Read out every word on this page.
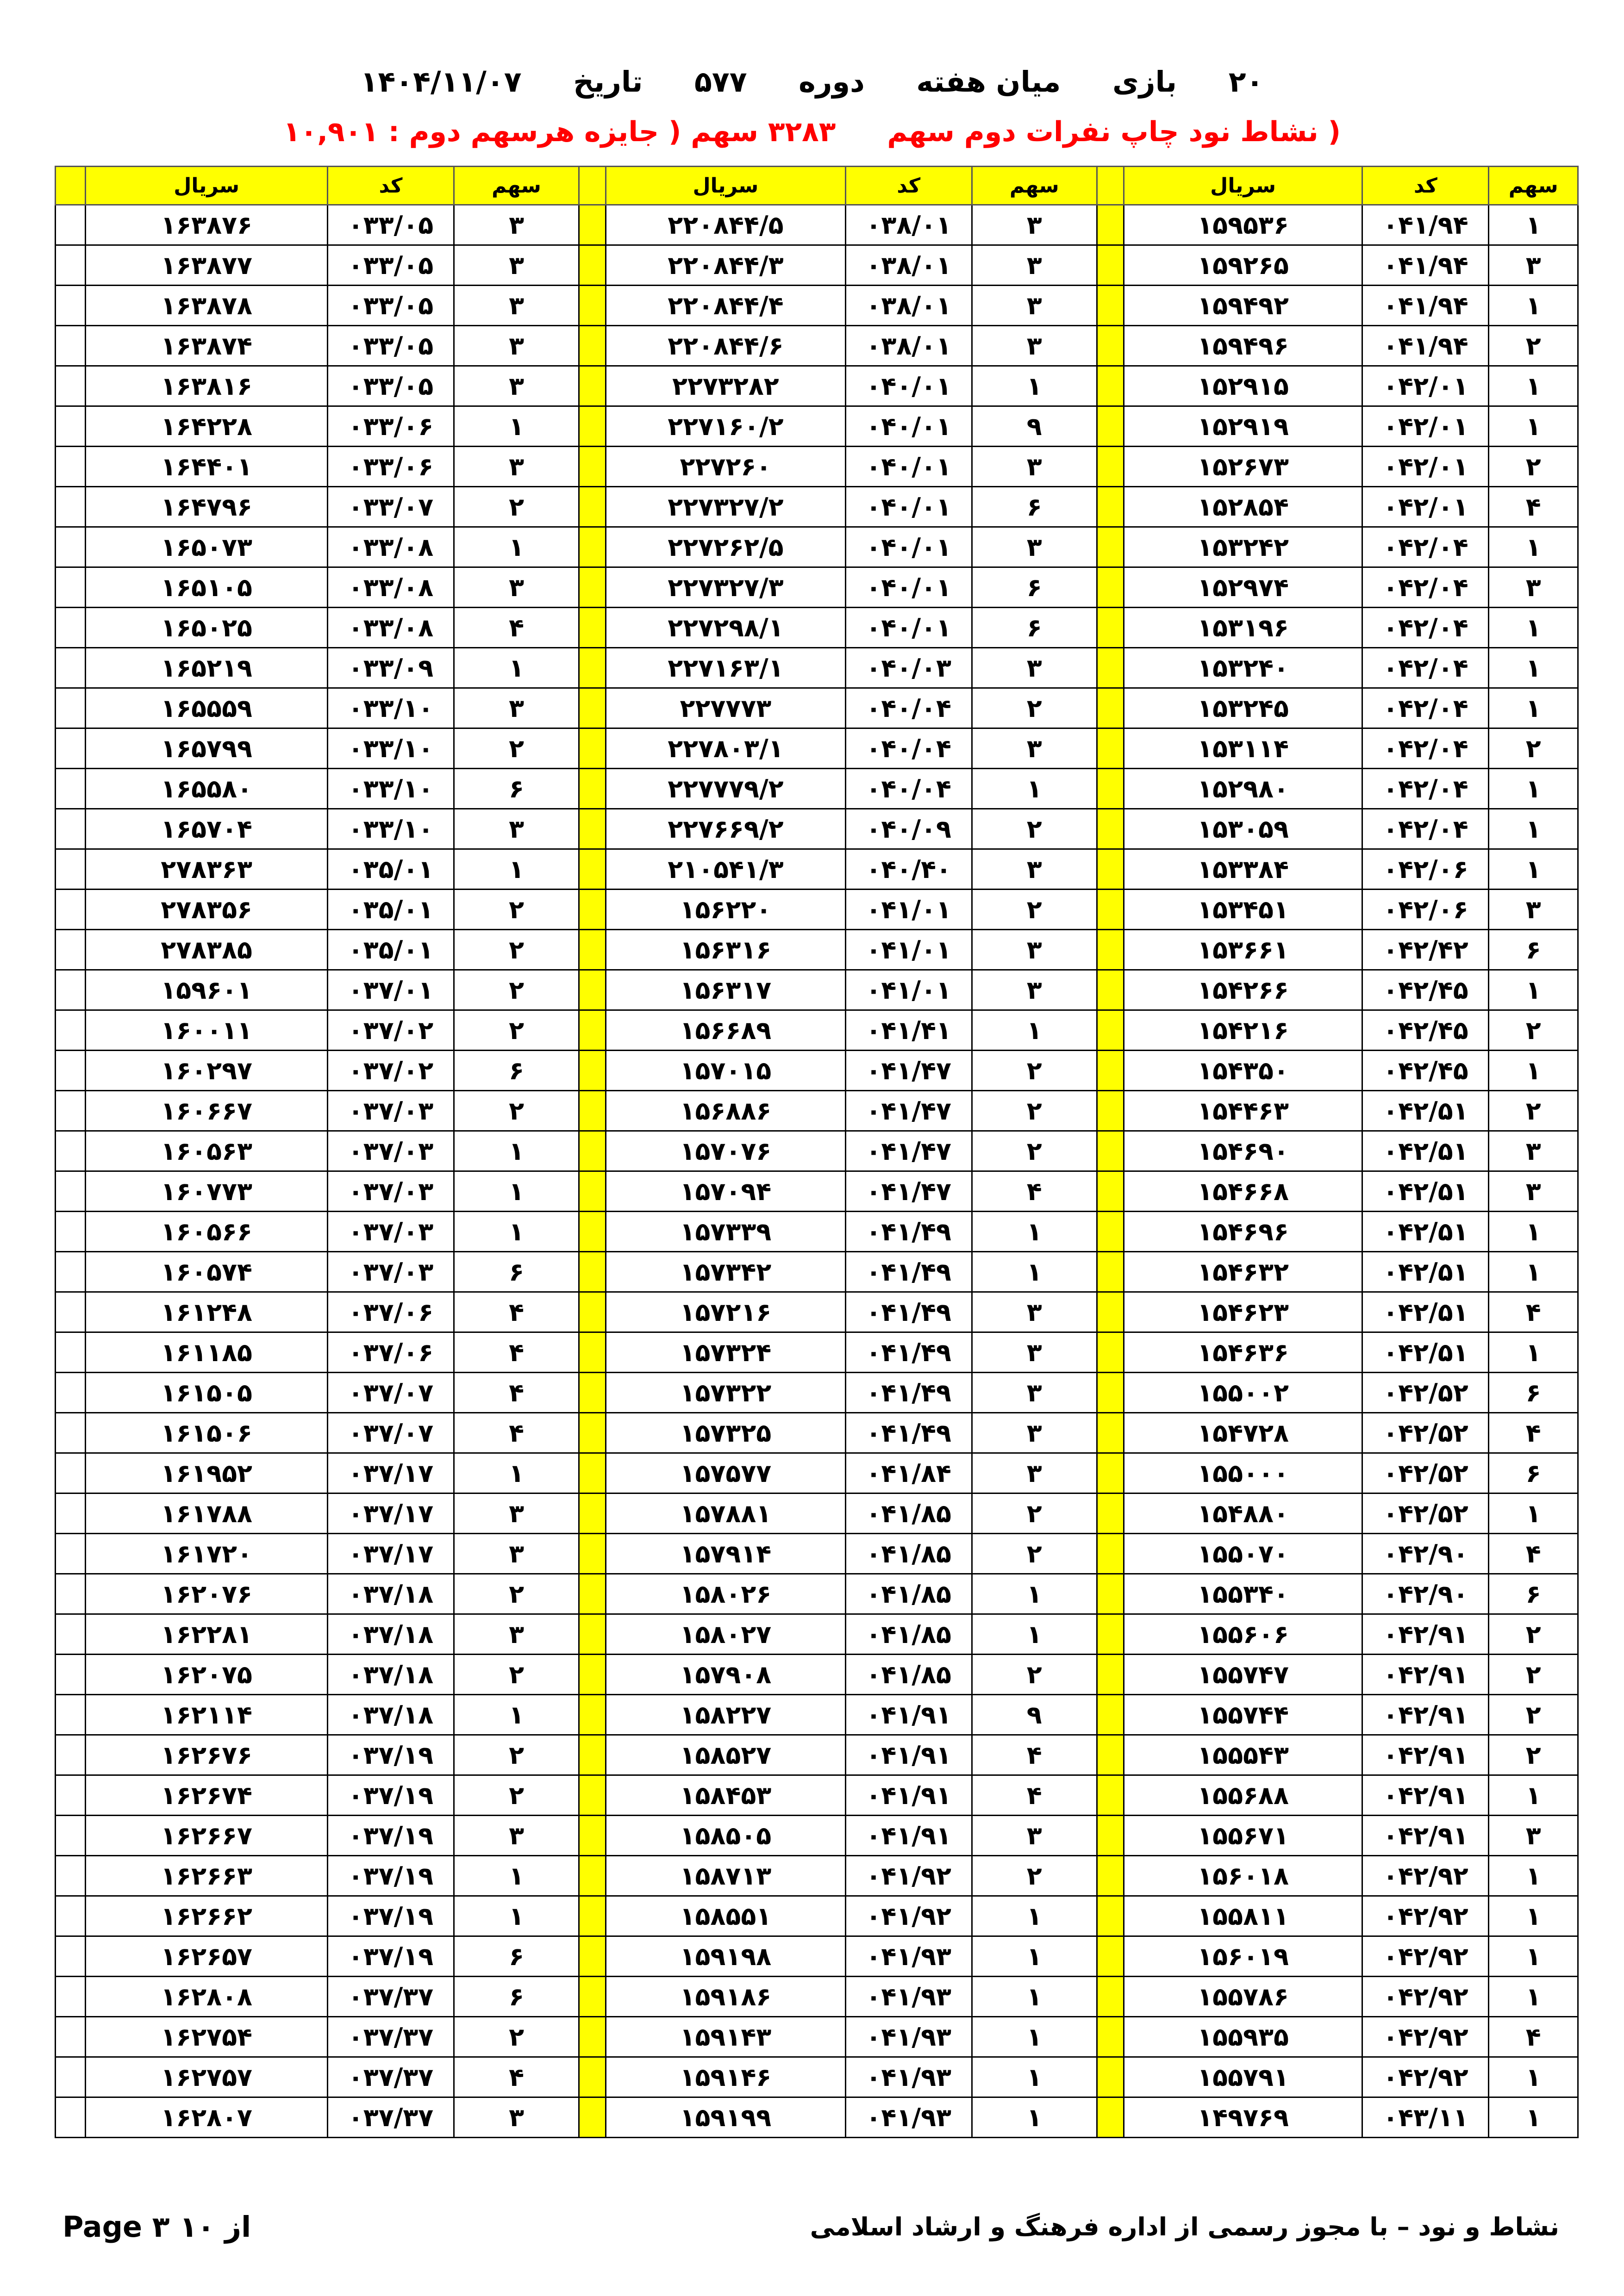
۲۰ بازی میان هفته دوره ۵۷۷ تاریخ ۱۴۰۴/۱۱/۰۷
( نشاط نود چاپ نفرات دوم سهم ۳۲۸۳ سهم ( جایزه هرسهم دوم : ۱۰,۹۰۱
سهم	کد	سریال		سهم	کد	سریال		سهم	کد	سریال	
۱	۰۴۱/۹۴	۱۵۹۵۳۶		۳	۰۳۸/۰۱	۲۲۰۸۴۴/۵		۳	۰۳۳/۰۵	۱۶۳۸۷۶	
۳	۰۴۱/۹۴	۱۵۹۲۶۵		۳	۰۳۸/۰۱	۲۲۰۸۴۴/۳		۳	۰۳۳/۰۵	۱۶۳۸۷۷	
۱	۰۴۱/۹۴	۱۵۹۴۹۲		۳	۰۳۸/۰۱	۲۲۰۸۴۴/۴		۳	۰۳۳/۰۵	۱۶۳۸۷۸	
۲	۰۴۱/۹۴	۱۵۹۴۹۶		۳	۰۳۸/۰۱	۲۲۰۸۴۴/۶		۳	۰۳۳/۰۵	۱۶۳۸۷۴	
۱	۰۴۲/۰۱	۱۵۲۹۱۵		۱	۰۴۰/۰۱	۲۲۷۳۲۸۲		۳	۰۳۳/۰۵	۱۶۳۸۱۶	
۱	۰۴۲/۰۱	۱۵۲۹۱۹		۹	۰۴۰/۰۱	۲۲۷۱۶۰/۲		۱	۰۳۳/۰۶	۱۶۴۲۲۸	
۲	۰۴۲/۰۱	۱۵۲۶۷۳		۳	۰۴۰/۰۱	۲۲۷۲۶۰		۳	۰۳۳/۰۶	۱۶۴۴۰۱	
۴	۰۴۲/۰۱	۱۵۲۸۵۴		۶	۰۴۰/۰۱	۲۲۷۳۲۷/۲		۲	۰۳۳/۰۷	۱۶۴۷۹۶	
۱	۰۴۲/۰۴	۱۵۳۲۴۲		۳	۰۴۰/۰۱	۲۲۷۲۶۲/۵		۱	۰۳۳/۰۸	۱۶۵۰۷۳	
۳	۰۴۲/۰۴	۱۵۲۹۷۴		۶	۰۴۰/۰۱	۲۲۷۳۲۷/۳		۳	۰۳۳/۰۸	۱۶۵۱۰۵	
۱	۰۴۲/۰۴	۱۵۳۱۹۶		۶	۰۴۰/۰۱	۲۲۷۲۹۸/۱		۴	۰۳۳/۰۸	۱۶۵۰۲۵	
۱	۰۴۲/۰۴	۱۵۳۲۴۰		۳	۰۴۰/۰۳	۲۲۷۱۶۳/۱		۱	۰۳۳/۰۹	۱۶۵۲۱۹	
۱	۰۴۲/۰۴	۱۵۳۲۴۵		۲	۰۴۰/۰۴	۲۲۷۷۷۳		۳	۰۳۳/۱۰	۱۶۵۵۵۹	
۲	۰۴۲/۰۴	۱۵۳۱۱۴		۳	۰۴۰/۰۴	۲۲۷۸۰۳/۱		۲	۰۳۳/۱۰	۱۶۵۷۹۹	
۱	۰۴۲/۰۴	۱۵۲۹۸۰		۱	۰۴۰/۰۴	۲۲۷۷۷۹/۲		۶	۰۳۳/۱۰	۱۶۵۵۸۰	
۱	۰۴۲/۰۴	۱۵۳۰۵۹		۲	۰۴۰/۰۹	۲۲۷۶۶۹/۲		۳	۰۳۳/۱۰	۱۶۵۷۰۴	
۱	۰۴۲/۰۶	۱۵۳۳۸۴		۳	۰۴۰/۴۰	۲۱۰۵۴۱/۳		۱	۰۳۵/۰۱	۲۷۸۳۶۳	
۳	۰۴۲/۰۶	۱۵۳۴۵۱		۲	۰۴۱/۰۱	۱۵۶۲۲۰		۲	۰۳۵/۰۱	۲۷۸۳۵۶	
۶	۰۴۲/۴۲	۱۵۳۶۶۱		۳	۰۴۱/۰۱	۱۵۶۳۱۶		۲	۰۳۵/۰۱	۲۷۸۳۸۵	
۱	۰۴۲/۴۵	۱۵۴۲۶۶		۳	۰۴۱/۰۱	۱۵۶۳۱۷		۲	۰۳۷/۰۱	۱۵۹۶۰۱	
۲	۰۴۲/۴۵	۱۵۴۲۱۶		۱	۰۴۱/۴۱	۱۵۶۶۸۹		۲	۰۳۷/۰۲	۱۶۰۰۱۱	
۱	۰۴۲/۴۵	۱۵۴۳۵۰		۲	۰۴۱/۴۷	۱۵۷۰۱۵		۶	۰۳۷/۰۲	۱۶۰۲۹۷	
۲	۰۴۲/۵۱	۱۵۴۴۶۳		۲	۰۴۱/۴۷	۱۵۶۸۸۶		۲	۰۳۷/۰۳	۱۶۰۶۶۷	
۳	۰۴۲/۵۱	۱۵۴۶۹۰		۲	۰۴۱/۴۷	۱۵۷۰۷۶		۱	۰۳۷/۰۳	۱۶۰۵۶۳	
۳	۰۴۲/۵۱	۱۵۴۶۶۸		۴	۰۴۱/۴۷	۱۵۷۰۹۴		۱	۰۳۷/۰۳	۱۶۰۷۷۳	
۱	۰۴۲/۵۱	۱۵۴۶۹۶		۱	۰۴۱/۴۹	۱۵۷۳۳۹		۱	۰۳۷/۰۳	۱۶۰۵۶۶	
۱	۰۴۲/۵۱	۱۵۴۶۳۲		۱	۰۴۱/۴۹	۱۵۷۳۴۲		۶	۰۳۷/۰۳	۱۶۰۵۷۴	
۴	۰۴۲/۵۱	۱۵۴۶۲۳		۳	۰۴۱/۴۹	۱۵۷۲۱۶		۴	۰۳۷/۰۶	۱۶۱۲۴۸	
۱	۰۴۲/۵۱	۱۵۴۶۳۶		۳	۰۴۱/۴۹	۱۵۷۳۲۴		۴	۰۳۷/۰۶	۱۶۱۱۸۵	
۶	۰۴۲/۵۲	۱۵۵۰۰۲		۳	۰۴۱/۴۹	۱۵۷۳۲۲		۴	۰۳۷/۰۷	۱۶۱۵۰۵	
۴	۰۴۲/۵۲	۱۵۴۷۲۸		۳	۰۴۱/۴۹	۱۵۷۳۲۵		۴	۰۳۷/۰۷	۱۶۱۵۰۶	
۶	۰۴۲/۵۲	۱۵۵۰۰۰		۳	۰۴۱/۸۴	۱۵۷۵۷۷		۱	۰۳۷/۱۷	۱۶۱۹۵۲	
۱	۰۴۲/۵۲	۱۵۴۸۸۰		۲	۰۴۱/۸۵	۱۵۷۸۸۱		۳	۰۳۷/۱۷	۱۶۱۷۸۸	
۴	۰۴۲/۹۰	۱۵۵۰۷۰		۲	۰۴۱/۸۵	۱۵۷۹۱۴		۳	۰۳۷/۱۷	۱۶۱۷۲۰	
۶	۰۴۲/۹۰	۱۵۵۳۴۰		۱	۰۴۱/۸۵	۱۵۸۰۲۶		۲	۰۳۷/۱۸	۱۶۲۰۷۶	
۲	۰۴۲/۹۱	۱۵۵۶۰۶		۱	۰۴۱/۸۵	۱۵۸۰۲۷		۳	۰۳۷/۱۸	۱۶۲۲۸۱	
۲	۰۴۲/۹۱	۱۵۵۷۴۷		۲	۰۴۱/۸۵	۱۵۷۹۰۸		۲	۰۳۷/۱۸	۱۶۲۰۷۵	
۲	۰۴۲/۹۱	۱۵۵۷۴۴		۹	۰۴۱/۹۱	۱۵۸۲۲۷		۱	۰۳۷/۱۸	۱۶۲۱۱۴	
۲	۰۴۲/۹۱	۱۵۵۵۴۳		۴	۰۴۱/۹۱	۱۵۸۵۲۷		۲	۰۳۷/۱۹	۱۶۲۶۷۶	
۱	۰۴۲/۹۱	۱۵۵۶۸۸		۴	۰۴۱/۹۱	۱۵۸۴۵۳		۲	۰۳۷/۱۹	۱۶۲۶۷۴	
۳	۰۴۲/۹۱	۱۵۵۶۷۱		۳	۰۴۱/۹۱	۱۵۸۵۰۵		۳	۰۳۷/۱۹	۱۶۲۶۶۷	
۱	۰۴۲/۹۲	۱۵۶۰۱۸		۲	۰۴۱/۹۲	۱۵۸۷۱۳		۱	۰۳۷/۱۹	۱۶۲۶۶۳	
۱	۰۴۲/۹۲	۱۵۵۸۱۱		۱	۰۴۱/۹۲	۱۵۸۵۵۱		۱	۰۳۷/۱۹	۱۶۲۶۶۲	
۱	۰۴۲/۹۲	۱۵۶۰۱۹		۱	۰۴۱/۹۳	۱۵۹۱۹۸		۶	۰۳۷/۱۹	۱۶۲۶۵۷	
۱	۰۴۲/۹۲	۱۵۵۷۸۶		۱	۰۴۱/۹۳	۱۵۹۱۸۶		۶	۰۳۷/۳۷	۱۶۲۸۰۸	
۴	۰۴۲/۹۲	۱۵۵۹۳۵		۱	۰۴۱/۹۳	۱۵۹۱۴۳		۲	۰۳۷/۳۷	۱۶۲۷۵۴	
۱	۰۴۲/۹۲	۱۵۵۷۹۱		۱	۰۴۱/۹۳	۱۵۹۱۴۶		۴	۰۳۷/۳۷	۱۶۲۷۵۷	
۱	۰۴۳/۱۱	۱۴۹۷۶۹		۱	۰۴۱/۹۳	۱۵۹۱۹۹		۳	۰۳۷/۳۷	۱۶۲۸۰۷	
نشاط و نود – با مجوز رسمی از اداره فرهنگ و ارشاد اسلامی
از ۱۰ ۳ Page
